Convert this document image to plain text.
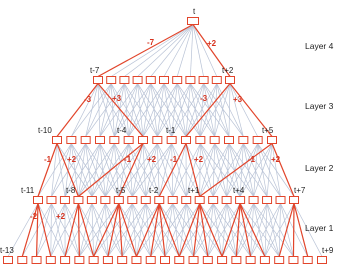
t
t-7	t+2
t-10	t-4	t-1	t+5
t-11	t-8	t-5	t-2	t+1	t+4	t+7
t-13	t+9
-7	+2
-3	+3	-3	+3
-1 +2	-1 +2 -1 +2	-1 +2
-2 +2
Layer 4
Layer 3
Layer 2
Layer 1
